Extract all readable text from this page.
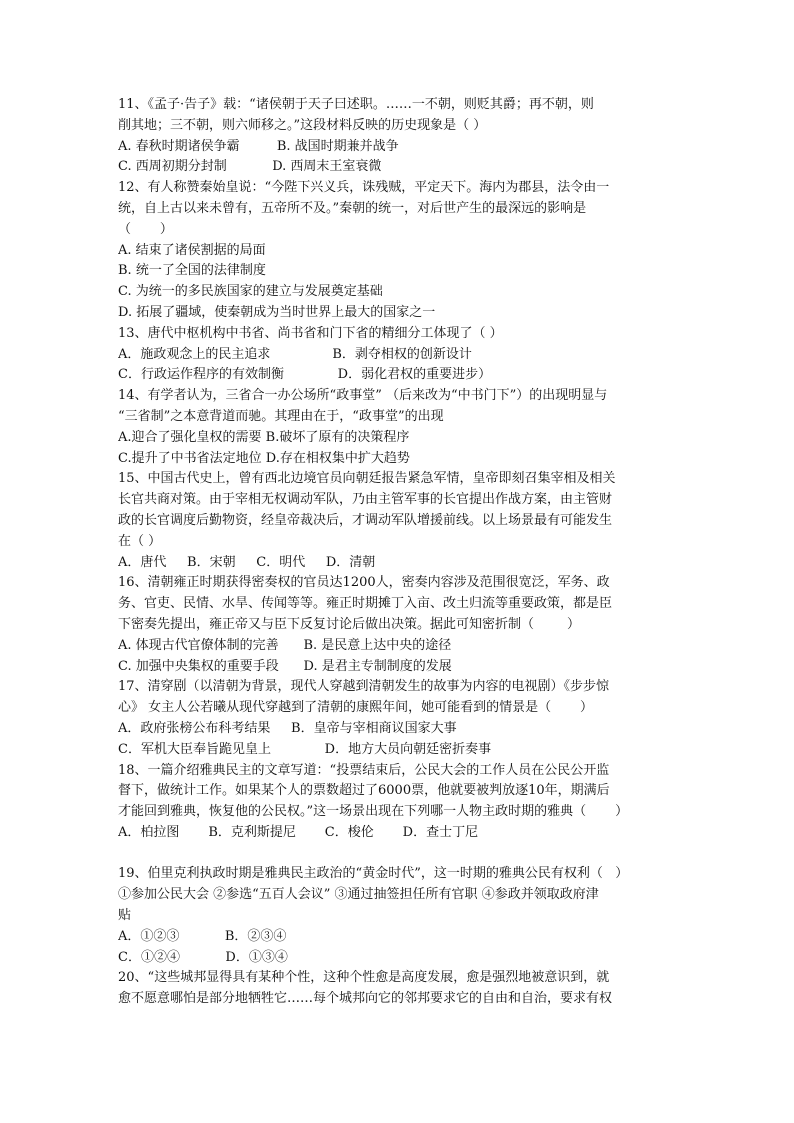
11、《孟子·告子》载：“诸侯朝于天子曰述职。……一不朝，则贬其爵；再不朝，则
削其地；三不朝，则六师移之。”这段材料反映的历史现象是（ ）
A. 春秋时期诸侯争霸         B. 战国时期兼并战争
C. 西周初期分封制           D. 西周末王室衰微
12、有人称赞秦始皇说：“今陛下兴义兵，诛残贼，平定天下。海内为郡县，法令由一
统，自上古以来未曾有，五帝所不及。”秦朝的统一，对后世产生的最深远的影响是
（       ）
A. 结束了诸侯割据的局面
B. 统一了全国的法律制度
C. 为统一的多民族国家的建立与发展奠定基础
D. 拓展了疆域，使秦朝成为当时世界上最大的国家之一
13、唐代中枢机构中书省、尚书省和门下省的精细分工体现了（ ）
A．施政观念上的民主追求               B．剥夺相权的创新设计
C．行政运作程序的有效制衡             D．弱化君权的重要进步）
14、有学者认为，三省合一办公场所“政事堂” （后来改为“中书门下”）的出现明显与
“三省制”之本意背道而驰。其理由在于，“政事堂”的出现
A.迎合了强化皇权的需要 B.破坏了原有的决策程序
C.提升了中书省法定地位 D.存在相权集中扩大趋势
15、中国古代史上，曾有西北边境官员向朝廷报告紧急军情，皇帝即刻召集宰相及相关
长官共商对策。由于宰相无权调动军队，乃由主管军事的长官提出作战方案，由主管财
政的长官调度后勤物资，经皇帝裁决后，才调动军队增援前线。以上场景最有可能发生
在（ ）
A．唐代     B．宋朝     C．明代     D．清朝
16、清朝雍正时期获得密奏权的官员达1200人，密奏内容涉及范围很宽泛，军务、政
务、官吏、民情、水旱、传闻等等。雍正时期摊丁入亩、改土归流等重要政策，都是臣
下密奏先提出，雍正帝又与臣下反复讨论后做出决策。据此可知密折制（        ）
A. 体现古代官僚体制的完善      B. 是民意上达中央的途径
C. 加强中央集权的重要手段      D. 是君主专制制度的发展
17、清穿剧（以清朝为背景，现代人穿越到清朝发生的故事为内容的电视剧）《步步惊
心》 女主人公若曦从现代穿越到了清朝的康熙年间，她可能看到的情景是（       ）
A．政府张榜公布科考结果     B．皇帝与宰相商议国家大事
C．军机大臣奉旨跪见皇上             D．地方大员向朝廷密折奏事
18、一篇介绍雅典民主的文章写道：“投票结束后，公民大会的工作人员在公民公开监
督下，做统计工作。如果某个人的票数超过了6000票，他就要被判放逐10年，期满后
才能回到雅典，恢复他的公民权。”这一场景出现在下列哪一人物主政时期的雅典（       ）
A．柏拉图       B．克利斯提尼       C．梭伦       D．查士丁尼
19、伯里克利执政时期是雅典民主政治的“黄金时代”，这一时期的雅典公民有权利（   ）
①参加公民大会 ②参选“五百人会议” ③通过抽签担任所有官职 ④参政并领取政府津
贴
A．①②③           B．②③④
C．①②④           D．①③④
20、“这些城邦显得具有某种个性，这种个性愈是高度发展，愈是强烈地被意识到，就
愈不愿意哪怕是部分地牺牲它……每个城邦向它的邻邦要求它的自由和自治，要求有权
